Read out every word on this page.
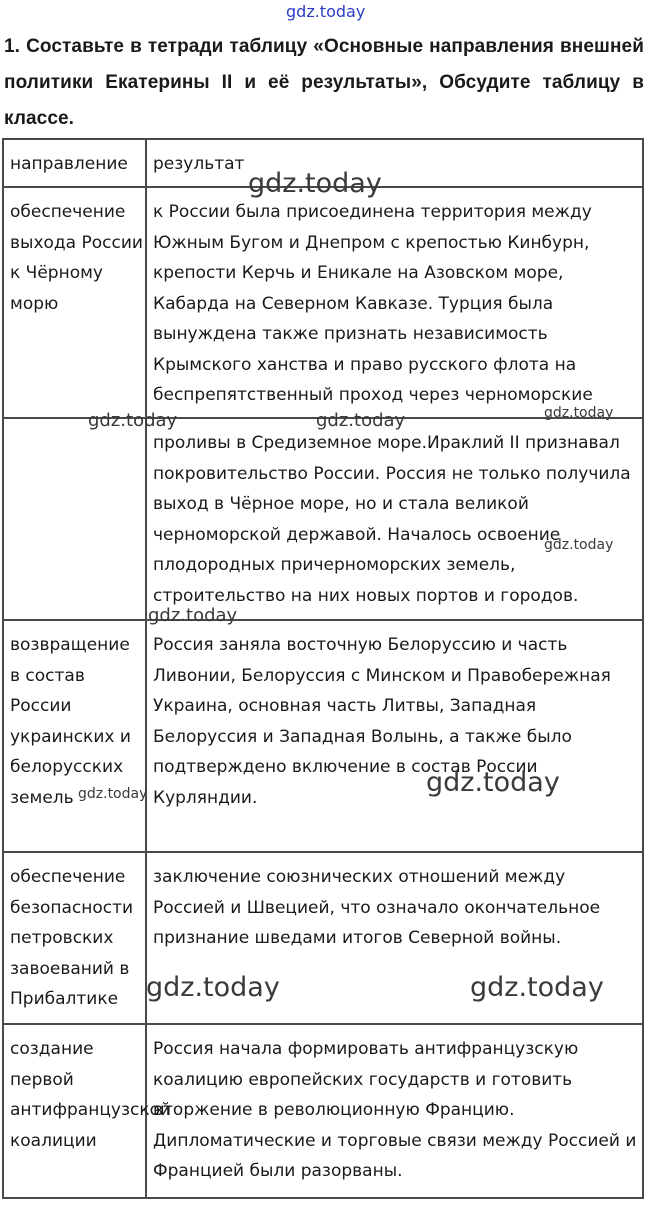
gdz.today
1. Составьте в тетради таблицу «Основные направления внешней политики Екатерины II и её результаты», Обсудите таблицу в классе.
направление	результат

обеспечение выхода России к Чёрному морю	к России была присоединена территория между Южным Бугом и Днепром с крепостью Кинбурн, крепости Керчь и Еникале на Азовском море, Кабарда на Северном Кавказе. Турция была вынуждена также признать независимость Крымского ханства и право русского флота на беспрепятственный проход через черноморские

	проливы в Средиземное море.Ираклий II признавал покровительство России. Россия не только получила выход в Чёрное море, но и стала великой черноморской державой. Началось освоение плодородных причерноморских земель, строительство на них новых портов и городов.

возвращение в состав России украинских и белорусских земель	Россия заняла восточную Белоруссию и часть Ливонии, Белоруссия с Минском и Правобережная Украина, основная часть Литвы, Западная Белоруссия и Западная Волынь, а также было подтверждено включение в состав России Курляндии.

обеспечение безопасности петровских завоеваний в Прибалтике	заключение союзнических отношений между Россией и Швецией, что означало окончательное признание шведами итогов Северной войны.

создание первой антифранцузской коалиции	Россия начала формировать антифранцузскую коалицию европейских государств и готовить вторжение в революционную Францию. Дипломатические и торговые связи между Россией и Францией были разорваны.
gdz.today
gdz.today	gdz.today	gdz.today
gdz.today
gdz.today
gdz.today	gdz.today
gdz.today	gdz.today
